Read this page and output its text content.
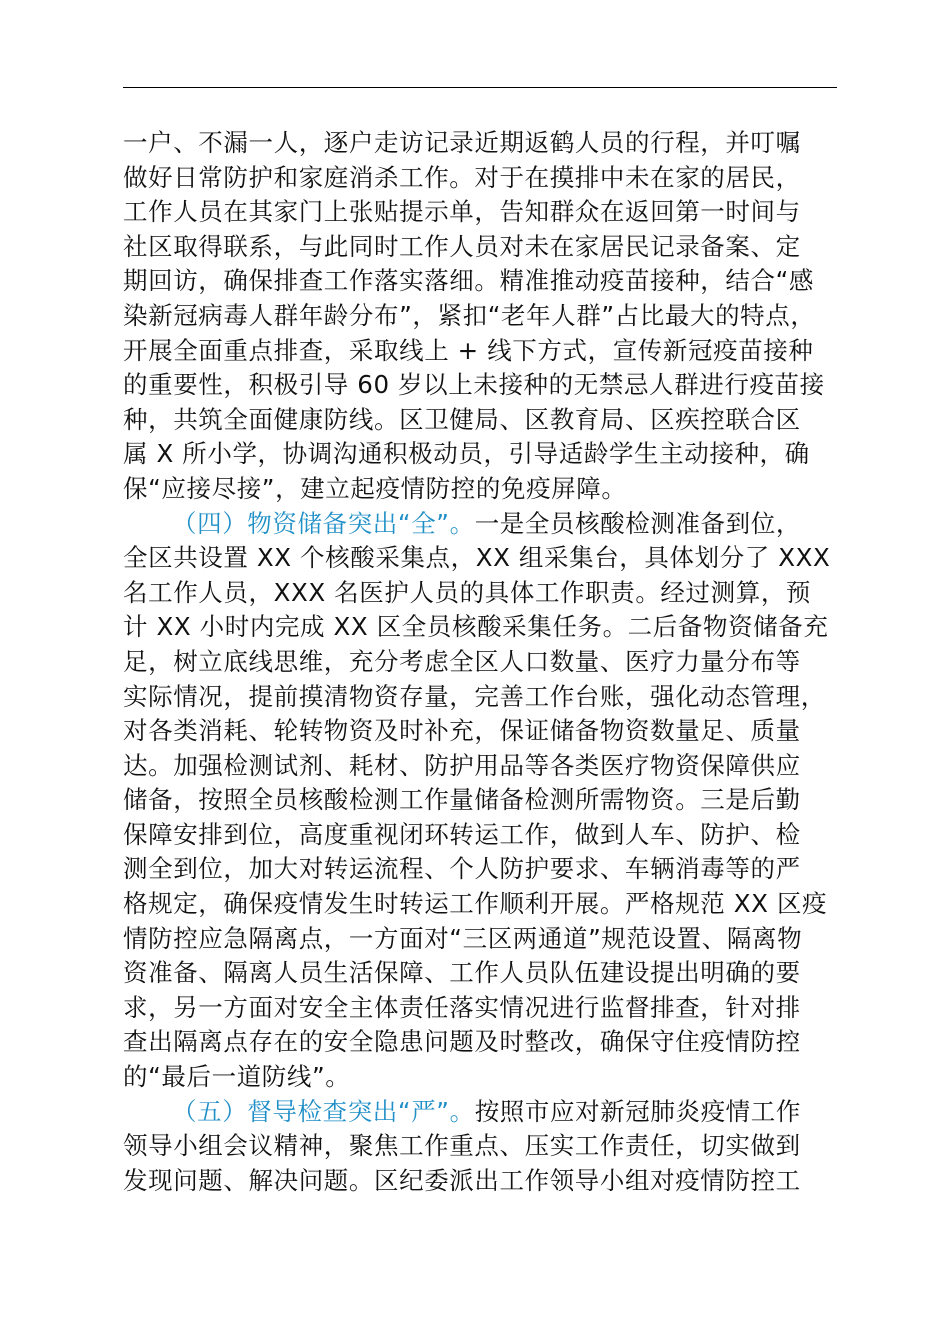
一户、不漏一人，逐户走访记录近期返鹤人员的行程，并叮嘱
做好日常防护和家庭消杀工作。对于在摸排中未在家的居民，
工作人员在其家门上张贴提示单，告知群众在返回第一时间与
社区取得联系，与此同时工作人员对未在家居民记录备案、定
期回访，确保排查工作落实落细。精准推动疫苗接种，结合“感
染新冠病毒人群年龄分布”，紧扣“老年人群”占比最大的特点，
开展全面重点排查，采取线上 + 线下方式，宣传新冠疫苗接种
的重要性，积极引导 60 岁以上未接种的无禁忌人群进行疫苗接
种，共筑全面健康防线。区卫健局、区教育局、区疾控联合区
属 X 所小学，协调沟通积极动员，引导适龄学生主动接种，确
保“应接尽接”，建立起疫情防控的免疫屏障。
（四）物资储备突出“全”。一是全员核酸检测准备到位，
全区共设置 XX 个核酸采集点，XX 组采集台，具体划分了 XXX
名工作人员，XXX 名医护人员的具体工作职责。经过测算，预
计 XX 小时内完成 XX 区全员核酸采集任务。二后备物资储备充
足，树立底线思维，充分考虑全区人口数量、医疗力量分布等
实际情况，提前摸清物资存量，完善工作台账，强化动态管理，
对各类消耗、轮转物资及时补充，保证储备物资数量足、质量
达。加强检测试剂、耗材、防护用品等各类医疗物资保障供应
储备，按照全员核酸检测工作量储备检测所需物资。三是后勤
保障安排到位，高度重视闭环转运工作，做到人车、防护、检
测全到位，加大对转运流程、个人防护要求、车辆消毒等的严
格规定，确保疫情发生时转运工作顺利开展。严格规范 XX 区疫
情防控应急隔离点，一方面对“三区两通道”规范设置、隔离物
资准备、隔离人员生活保障、工作人员队伍建设提出明确的要
求，另一方面对安全主体责任落实情况进行监督排查，针对排
查出隔离点存在的安全隐患问题及时整改，确保守住疫情防控
的“最后一道防线”。
（五）督导检查突出“严”。按照市应对新冠肺炎疫情工作
领导小组会议精神，聚焦工作重点、压实工作责任，切实做到
发现问题、解决问题。区纪委派出工作领导小组对疫情防控工
